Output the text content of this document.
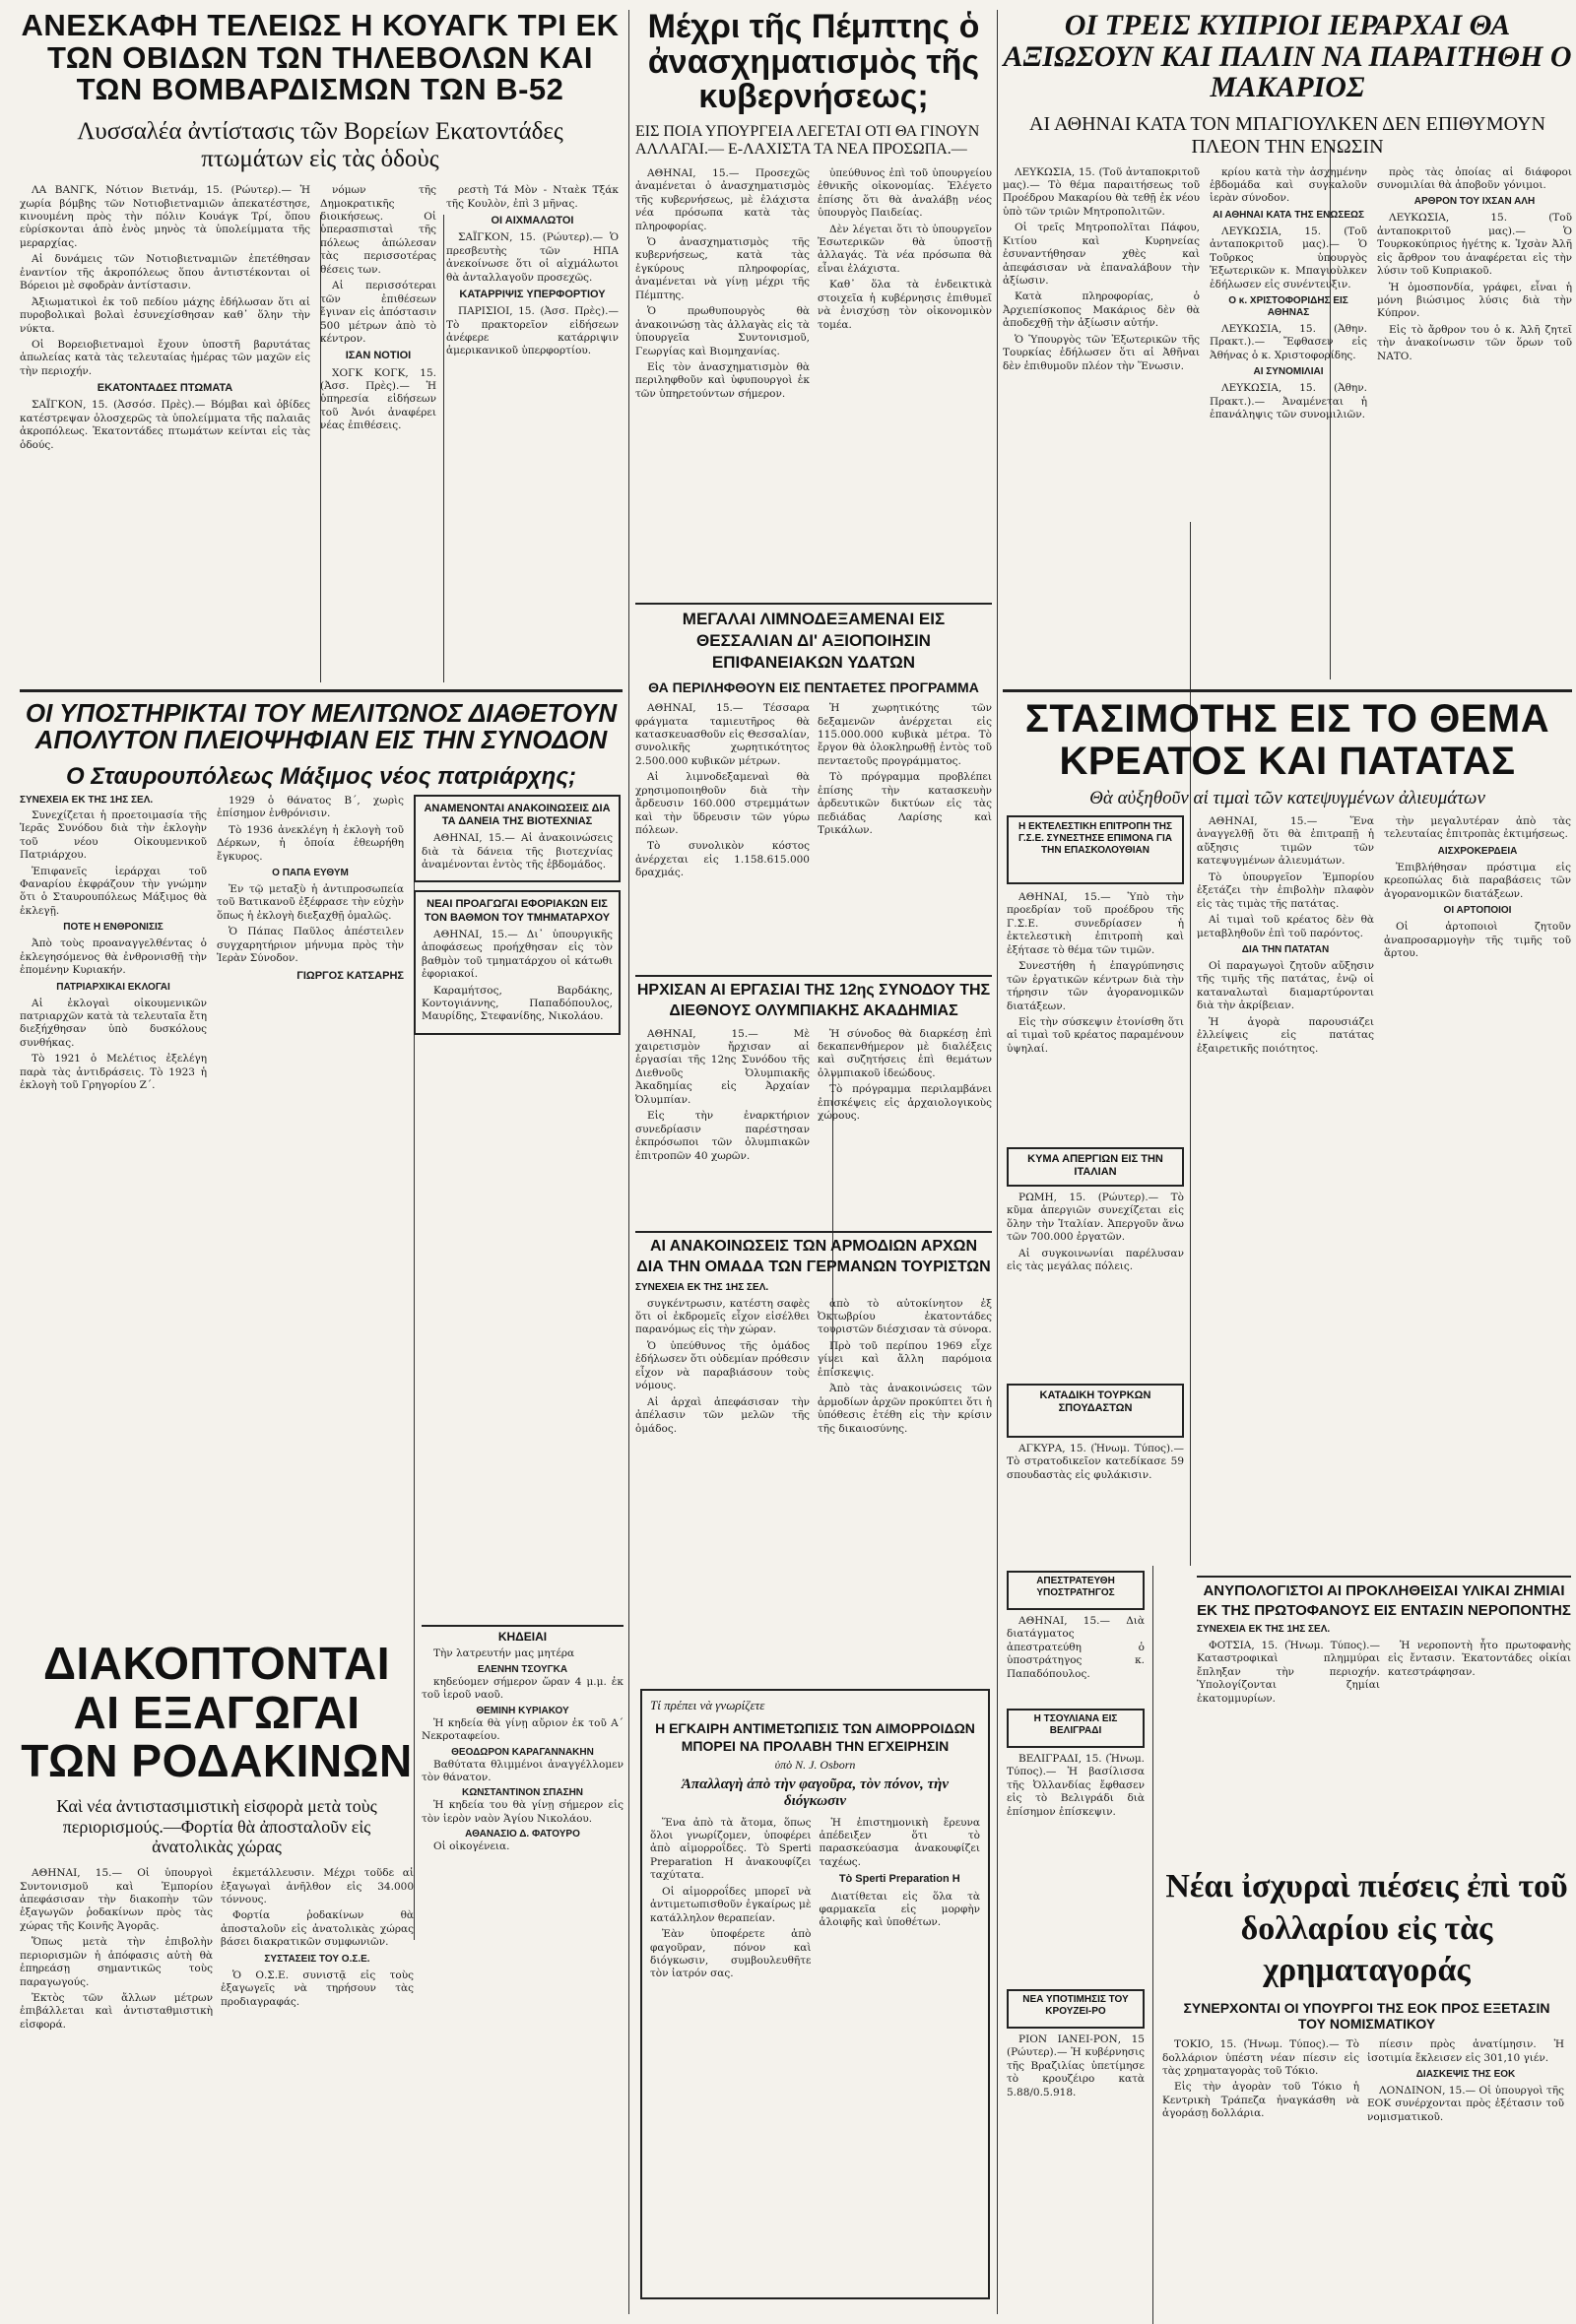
ΑΝΕΣΚΑΦΗ ΤΕΛΕΙΩΣ Η ΚΟΥΑΓΚ ΤΡΙ ΕΚ ΤΩΝ ΟΒΙΔΩΝ ΤΩΝ ΤΗΛΕΒΟΛΩΝ ΚΑΙ ΤΩΝ ΒΟΜΒΑΡΔΙΣΜΩΝ ΤΩΝ Β-52
Λυσσαλέα ἀντίστασις τῶν Βορείων Εκατοντάδες πτωμάτων εἰς τὰς ὁδοὺς

ΛΑ ΒΑΝΓΚ, Νότιον Βιετνάμ, 15. (Ρώυτερ).— Ἡ χωρία βόμβης τῶν Νοτιοβιετναμιῶν ἀπεκατέστησε, κινουμένη πρὸς τὴν πόλιν Κουάγκ Τρί, ὅπου εὑρίσκονται ἀπὸ ἑνὸς μηνὸς τὰ ὑπολείμματα τῆς μεραρχίας.

Αἱ δυνάμεις τῶν Νοτιοβιετναμιῶν ἐπετέθησαν ἐναντίον τῆς ἀκροπόλεως ὅπου ἀντιστέκονται οἱ Βόρειοι μὲ σφοδρὰν ἀντίστασιν.

Ἀξιωματικοὶ ἐκ τοῦ πεδίου μάχης ἐδήλωσαν ὅτι αἱ πυροβολικαὶ βολαὶ ἐσυνεχίσθησαν καθ᾽ ὅλην τὴν νύκτα.

Οἱ Βορειοβιετναμοὶ ἔχουν ὑποστῆ βαρυτάτας ἀπωλείας κατὰ τὰς τελευταίας ἡμέρας τῶν μαχῶν εἰς τὴν περιοχήν.

ΕΚΑΤΟΝΤΑΔΕΣ ΠΤΩΜΑΤΑ

ΣΑΪΓΚΟΝ, 15. (Ἀσσόσ. Πρὲς).— Βόμβαι καὶ ὀβίδες κατέστρεψαν ὁλοσχερῶς τὰ ὑπολείμματα τῆς παλαιᾶς ἀκροπόλεως. Ἑκατοντάδες πτωμάτων κείνται εἰς τὰς ὁδούς.

νόμων τῆς Δημοκρατικῆς διοικήσεως. Οἱ ὑπερασπισταὶ τῆς πόλεως ἀπώλεσαν τὰς περισσοτέρας θέσεις των.

Αἱ περισσότεραι τῶν ἐπιθέσεων ἔγιναν εἰς ἀπόστασιν 500 μέτρων ἀπὸ τὸ κέντρον.

ΙΣΑΝ ΝΟΤΙΟΙ

ΧΟΓΚ ΚΟΓΚ, 15. (Ἀσσ. Πρὲς).— Ἡ ὑπηρεσία εἰδήσεων τοῦ Ἀνόι ἀναφέρει νέας ἐπιθέσεις.

ρεστὴ Τά Μὸν ‑ Νταὲκ Τξάκ τῆς Κουλὸν, ἐπὶ 3 μῆνας.

ΟΙ ΑΙΧΜΑΛΩΤΟΙ

ΣΑΪΓΚΟΝ, 15. (Ρώυτερ).— Ὁ πρεσβευτὴς τῶν ΗΠΑ ἀνεκοίνωσε ὅτι οἱ αἰχμάλωτοι θὰ ἀνταλλαγοῦν προσεχῶς.

ΚΑΤΑΡΡΙΨΙΣ ΥΠΕΡΦΟΡΤΙΟΥ

ΠΑΡΙΣΙΟΙ, 15. (Ἀσσ. Πρὲς).— Τὸ πρακτορεῖον εἰδήσεων ἀνέφερε κατάρριψιν ἀμερικανικοῦ ὑπερφορτίου.

Μέχρι τῆς Πέμπτης ὁ ἀνασχηματισμὸς τῆς κυβερνήσεως;
ΕΙΣ ΠΟΙΑ ΥΠΟΥΡΓΕΙΑ ΛΕΓΕΤΑΙ ΟΤΙ ΘΑ ΓΙΝΟΥΝ ΑΛΛΑΓΑΙ.— Ε-ΛΑΧΙΣΤΑ ΤΑ ΝΕΑ ΠΡΟΣΩΠΑ.—

ΑΘΗΝΑΙ, 15.— Προσεχῶς ἀναμένεται ὁ ἀνασχηματισμὸς τῆς κυβερνήσεως, μὲ ἐλάχιστα νέα πρόσωπα κατὰ τὰς πληροφορίας.

Ὁ ἀνασχηματισμὸς τῆς κυβερνήσεως, κατὰ τὰς ἐγκύρους πληροφορίας, ἀναμένεται νὰ γίνῃ μέχρι τῆς Πέμπτης.

Ὁ πρωθυπουργὸς θὰ ἀνακοινώσῃ τὰς ἀλλαγὰς εἰς τὰ ὑπουργεῖα Συντονισμοῦ, Γεωργίας καὶ Βιομηχανίας.

Εἰς τὸν ἀνασχηματισμὸν θὰ περιληφθοῦν καὶ ὑφυπουργοὶ ἐκ τῶν ὑπηρετούντων σήμερον.

ὑπεύθυνος ἐπὶ τοῦ ὑπουργείου ἐθνικῆς οἰκονομίας. Ἐλέγετο ἐπίσης ὅτι θὰ ἀναλάβῃ νέος ὑπουργὸς Παιδείας.

Δὲν λέγεται ὅτι τὸ ὑπουργεῖον Ἐσωτερικῶν θὰ ὑποστῇ ἀλλαγάς. Τὰ νέα πρόσωπα θὰ εἶναι ἐλάχιστα.

Καθ᾽ ὅλα τὰ ἐνδεικτικὰ στοιχεῖα ἡ κυβέρνησις ἐπιθυμεῖ νὰ ἐνισχύσῃ τὸν οἰκονομικὸν τομέα.

ΟΙ ΤΡΕΙΣ ΚΥΠΡΙΟΙ ΙΕΡΑΡΧΑΙ ΘΑ ΑΞΙΩΣΟΥΝ ΚΑΙ ΠΑΛΙΝ ΝΑ ΠΑΡΑΙΤΗΘΗ Ο ΜΑΚΑΡΙΟΣ
ΑΙ ΑΘΗΝΑΙ ΚΑΤΑ ΤΟΝ ΜΠΑΓΙΟΥΛΚΕΝ ΔΕΝ ΕΠΙΘΥΜΟΥΝ ΠΛΕΟΝ ΤΗΝ ΕΝΩΣΙΝ

ΛΕΥΚΩΣΙΑ, 15. (Τοῦ ἀνταποκριτοῦ μας).— Τὸ θέμα παραιτήσεως τοῦ Προέδρου Μακαρίου θὰ τεθῇ ἐκ νέου ὑπὸ τῶν τριῶν Μητροπολιτῶν.

Οἱ τρεῖς Μητροπολῖται Πάφου, Κιτίου καὶ Κυρηνείας ἐσυναντήθησαν χθὲς καὶ ἀπεφάσισαν νὰ ἐπαναλάβουν τὴν ἀξίωσιν.

Κατὰ πληροφορίας, ὁ Ἀρχιεπίσκοπος Μακάριος δὲν θὰ ἀποδεχθῇ τὴν ἀξίωσιν αὐτήν.

Ὁ Ὑπουργὸς τῶν Ἐξωτερικῶν τῆς Τουρκίας ἐδήλωσεν ὅτι αἱ Ἀθῆναι δὲν ἐπιθυμοῦν πλέον τὴν Ἕνωσιν.

κρίου κατὰ τὴν ἀσχημένην ἑβδομάδα καὶ συγκαλοῦν ἱερὰν σύνοδον.

ΑΙ ΑΘΗΝΑΙ ΚΑΤΑ ΤΗΣ ΕΝΩΣΕΩΣ

ΛΕΥΚΩΣΙΑ, 15. (Τοῦ ἀνταποκριτοῦ μας).— Ὁ Τοῦρκος ὑπουργὸς Ἐξωτερικῶν κ. Μπαγιοὺλκεν ἐδήλωσεν εἰς συνέντευξιν.

Ο κ. ΧΡΙΣΤΟΦΟΡΙΔΗΣ ΕΙΣ ΑΘΗΝΑΣ

ΛΕΥΚΩΣΙΑ, 15. (Ἀθην. Πρακτ.).— Ἔφθασεν εἰς Ἀθήνας ὁ κ. Χριστοφορίδης.

ΑΙ ΣΥΝΟΜΙΛΙΑΙ

ΛΕΥΚΩΣΙΑ, 15. (Ἀθην. Πρακτ.).— Ἀναμένεται ἡ ἐπανάληψις τῶν συνομιλιῶν.

πρὸς τὰς ὁποίας αἱ διάφοροι συνομιλίαι θὰ ἀποβοῦν γόνιμοι.

ΑΡΘΡΟΝ ΤΟΥ ΙΧΣΑΝ ΑΛΗ

ΛΕΥΚΩΣΙΑ, 15. (Τοῦ ἀνταποκριτοῦ μας).— Ὁ Τουρκοκύπριος ἡγέτης κ. Ἰχσὰν Ἀλῆ εἰς ἄρθρον του ἀναφέρεται εἰς τὴν λύσιν τοῦ Κυπριακοῦ.

Ἡ ὁμοσπονδία, γράφει, εἶναι ἡ μόνη βιώσιμος λύσις διὰ τὴν Κύπρον.

Εἰς τὸ ἄρθρον του ὁ κ. Ἀλῆ ζητεῖ τὴν ἀνακοίνωσιν τῶν ὅρων τοῦ ΝΑΤΟ.

ΜΕΓΑΛΑΙ ΛΙΜΝΟΔΕΞΑΜΕΝΑΙ ΕΙΣ ΘΕΣΣΑΛΙΑΝ ΔΙ' ΑΞΙΟΠΟΙΗΣΙΝ ΕΠΙΦΑΝΕΙΑΚΩΝ ΥΔΑΤΩΝ
ΘΑ ΠΕΡΙΛΗΦΘΟΥΝ ΕΙΣ ΠΕΝΤΑΕΤΕΣ ΠΡΟΓΡΑΜΜΑ

ΑΘΗΝΑΙ, 15.— Τέσσαρα φράγματα ταμιευτῆρος θὰ κατασκευασθοῦν εἰς Θεσσαλίαν, συνολικῆς χωρητικότητος 2.500.000 κυβικῶν μέτρων.

Αἱ λιμνοδεξαμεναὶ θὰ χρησιμοποιηθοῦν διὰ τὴν ἄρδευσιν 160.000 στρεμμάτων καὶ τὴν ὕδρευσιν τῶν γύρω πόλεων.

Τὸ συνολικὸν κόστος ἀνέρχεται εἰς 1.158.615.000 δραχμάς.

Ἡ χωρητικότης τῶν δεξαμενῶν ἀνέρχεται εἰς 115.000.000 κυβικὰ μέτρα. Τὸ ἔργον θὰ ὁλοκληρωθῇ ἐντὸς τοῦ πενταετοῦς προγράμματος.

Τὸ πρόγραμμα προβλέπει ἐπίσης τὴν κατασκευὴν ἀρδευτικῶν δικτύων εἰς τὰς πεδιάδας Λαρίσης καὶ Τρικάλων.

ΗΡΧΙΣΑΝ ΑΙ ΕΡΓΑΣΙΑΙ ΤΗΣ 12ης ΣΥΝΟΔΟΥ ΤΗΣ ΔΙΕΘΝΟΥΣ ΟΛΥΜΠΙΑΚΗΣ ΑΚΑΔΗΜΙΑΣ

ΑΘΗΝΑΙ, 15.— Μὲ χαιρετισμὸν ἤρχισαν αἱ ἐργασίαι τῆς 12ης Συνόδου τῆς Διεθνοῦς Ὀλυμπιακῆς Ἀκαδημίας εἰς Ἀρχαίαν Ὀλυμπίαν.

Εἰς τὴν ἐναρκτήριον συνεδρίασιν παρέστησαν ἐκπρόσωποι τῶν ὀλυμπιακῶν ἐπιτροπῶν 40 χωρῶν.

Ἡ σύνοδος θὰ διαρκέσῃ ἐπὶ δεκαπενθήμερον μὲ διαλέξεις καὶ συζητήσεις ἐπὶ θεμάτων ὀλυμπιακοῦ ἰδεώδους.

Τὸ πρόγραμμα περιλαμβάνει ἐπισκέψεις εἰς ἀρχαιολογικοὺς χώρους.

ΑΙ ΑΝΑΚΟΙΝΩΣΕΙΣ ΤΩΝ ΑΡΜΟΔΙΩΝ ΑΡΧΩΝ ΔΙΑ ΤΗΝ ΟΜΑΔΑ ΤΩΝ ΓΕΡΜΑΝΩΝ ΤΟΥΡΙΣΤΩΝ
ΣΥΝΕΧΕΙΑ ΕΚ ΤΗΣ 1ΗΣ ΣΕΛ.

συγκέντρωσιν, κατέστη σαφὲς ὅτι οἱ ἐκδρομεῖς εἶχον εἰσέλθει παρανόμως εἰς τὴν χώραν.

Ὁ ὑπεύθυνος τῆς ὁμάδος ἐδήλωσεν ὅτι οὐδεμίαν πρόθεσιν εἶχον νὰ παραβιάσουν τοὺς νόμους.

Αἱ ἀρχαὶ ἀπεφάσισαν τὴν ἀπέλασιν τῶν μελῶν τῆς ὁμάδος.

ἀπὸ τὸ αὐτοκίνητον ἐξ Ὀκτωβρίου ἐκατοντάδες τουριστῶν διέσχισαν τὰ σύνορα.

Πρὸ τοῦ περίπου 1969 εἶχε γίνει καὶ ἄλλη παρόμοια ἐπίσκεψις.

Ἀπὸ τὰς ἀνακοινώσεις τῶν ἁρμοδίων ἀρχῶν προκύπτει ὅτι ἡ ὑπόθεσις ἐτέθη εἰς τὴν κρίσιν τῆς δικαιοσύνης.

ΟΙ ΥΠΟΣΤΗΡΙΚΤΑΙ ΤΟΥ ΜΕΛΙΤΩΝΟΣ ΔΙΑΘΕΤΟΥΝ ΑΠΟΛΥΤΟΝ ΠΛΕΙΟΨΗΦΙΑΝ ΕΙΣ ΤΗΝ ΣΥΝΟΔΟΝ
Ο Σταυρουπόλεως Μάξιμος νέος πατριάρχης;
ΣΥΝΕΧΕΙΑ ΕΚ ΤΗΣ 1ΗΣ ΣΕΛ.

Συνεχίζεται ἡ προετοιμασία τῆς Ἱερᾶς Συνόδου διὰ τὴν ἐκλογὴν τοῦ νέου Οἰκουμενικοῦ Πατριάρχου.

Ἐπιφανεῖς ἱεράρχαι τοῦ Φαναρίου ἐκφράζουν τὴν γνώμην ὅτι ὁ Σταυρουπόλεως Μάξιμος θὰ ἐκλεγῇ.

ΠΟΤΕ Η ΕΝΘΡΟΝΙΣΙΣ

Ἀπὸ τοὺς προαναγγελθέντας ὁ ἐκλεγησόμενος θὰ ἐνθρονισθῇ τὴν ἐπομένην Κυριακήν.

ΠΑΤΡΙΑΡΧΙΚΑΙ ΕΚΛΟΓΑΙ

Αἱ ἐκλογαὶ οἰκουμενικῶν πατριαρχῶν κατὰ τὰ τελευταῖα ἔτη διεξήχθησαν ὑπὸ δυσκόλους συνθήκας.

Τὸ 1921 ὁ Μελέτιος ἐξελέγη παρὰ τὰς ἀντιδράσεις. Τὸ 1923 ἡ ἐκλογὴ τοῦ Γρηγορίου Ζ´.

1929 ὁ θάνατος Β´, χωρὶς ἐπίσημον ἐνθρόνισιν.

Τὸ 1936 ἀνεκλέγη ἡ ἐκλογὴ τοῦ Δέρκων, ἡ ὁποία ἐθεωρήθη ἔγκυρος.

Ο ΠΑΠΑ ΕΥΘΥΜ

Ἐν τῷ μεταξὺ ἡ ἀντιπροσωπεία τοῦ Βατικανοῦ ἐξέφρασε τὴν εὐχὴν ὅπως ἡ ἐκλογὴ διεξαχθῇ ὁμαλῶς.

Ὁ Πάπας Παῦλος ἀπέστειλεν συγχαρητήριον μήνυμα πρὸς τὴν Ἱερὰν Σύνοδον.

ΓΙΩΡΓΟΣ ΚΑΤΣΑΡΗΣ
ΑΝΑΜΕΝΟΝΤΑΙ ΑΝΑΚΟΙΝΩΣΕΙΣ ΔΙΑ ΤΑ ΔΑΝΕΙΑ ΤΗΣ ΒΙΟΤΕΧΝΙΑΣ

ΑΘΗΝΑΙ, 15.— Αἱ ἀνακοινώσεις διὰ τὰ δάνεια τῆς βιοτεχνίας ἀναμένονται ἐντὸς τῆς ἑβδομάδος.

ΝΕΑΙ ΠΡΟΑΓΩΓΑΙ ΕΦΟΡΙΑΚΩΝ ΕΙΣ ΤΟΝ ΒΑΘΜΟΝ ΤΟΥ ΤΜΗΜΑΤΑΡΧΟΥ

ΑΘΗΝΑΙ, 15.— Δι᾽ ὑπουργικῆς ἀποφάσεως προήχθησαν εἰς τὸν βαθμὸν τοῦ τμηματάρχου οἱ κάτωθι ἐφοριακοί.

Καραμήτσος, Βαρδάκης, Κοντογιάννης, Παπαδόπουλος, Μαυρίδης, Στεφανίδης, Νικολάου.

ΚΗΔΕΙΑΙ

Τὴν λατρευτήν μας μητέρα

ΕΛΕΝΗΝ ΤΣΟΥΓΚΑ

κηδεύομεν σήμερον ὥραν 4 μ.μ. ἐκ τοῦ ἱεροῦ ναοῦ.

ΘΕΜΙΝΗ ΚΥΡΙΑΚΟΥ

Ἡ κηδεία θὰ γίνῃ αὔριον ἐκ τοῦ Α´ Νεκροταφείου.

ΘΕΟΔΩΡΟΝ ΚΑΡΑΓΑΝΝΑΚΗΝ

Βαθύτατα θλιμμένοι ἀναγγέλλομεν τὸν θάνατον.

ΚΩΝΣΤΑΝΤΙΝΟΝ ΣΠΑΣΗΝ

Ἡ κηδεία του θὰ γίνῃ σήμερον εἰς τὸν ἱερὸν ναὸν Ἁγίου Νικολάου.

ΑΘΑΝΑΣΙΟ Δ. ΦΑΤΟΥΡΟ

Οἱ οἰκογένεια.

ΔΙΑΚΟΠΤΟΝΤΑΙ ΑΙ ΕΞΑΓΩΓΑΙ ΤΩΝ ΡΟΔΑΚΙΝΩΝ
Καὶ νέα ἀντιστασιμιστικὴ εἰσφορὰ μετὰ τοὺς περιορισμούς.—Φορτία θὰ ἀποσταλοῦν εἰς ἀνατολικὰς χώρας

ΑΘΗΝΑΙ, 15.— Οἱ ὑπουργοὶ Συντονισμοῦ καὶ Ἐμπορίου ἀπεφάσισαν τὴν διακοπὴν τῶν ἐξαγωγῶν ῥοδακίνων πρὸς τὰς χώρας τῆς Κοινῆς Ἀγορᾶς.

Ὅπως μετὰ τὴν ἐπιβολὴν περιορισμῶν ἡ ἀπόφασις αὐτὴ θὰ ἐπηρεάσῃ σημαντικῶς τοὺς παραγωγούς.

Ἐκτὸς τῶν ἄλλων μέτρων ἐπιβάλλεται καὶ ἀντισταθμιστικὴ εἰσφορά.

ἐκμετάλλευσιν. Μέχρι τοῦδε αἱ ἐξαγωγαὶ ἀνῆλθον εἰς 34.000 τόννους.

Φορτία ῥοδακίνων θὰ ἀποσταλοῦν εἰς ἀνατολικὰς χώρας βάσει διακρατικῶν συμφωνιῶν.

ΣΥΣΤΑΣΕΙΣ ΤΟΥ Ο.Σ.Ε.

Ὁ Ο.Σ.Ε. συνιστᾷ εἰς τοὺς ἐξαγωγεῖς νὰ τηρήσουν τὰς προδιαγραφάς.

Τί πρέπει νὰ γνωρίζετε
Η ΕΓΚΑΙΡΗ ΑΝΤΙΜΕΤΩΠΙΣΙΣ ΤΩΝ ΑΙΜΟΡΡΟΙΔΩΝ ΜΠΟΡΕΙ ΝΑ ΠΡΟΛΑΒΗ ΤΗΝ ΕΓΧΕΙΡΗΣΙΝ
ὑπὸ N. J. Osborn
Ἀπαλλαγὴ ἀπὸ τὴν φαγοῦρα, τὸν πόνον, τὴν διόγκωσιν

Ἕνα ἀπὸ τὰ ἄτομα, ὅπως ὅλοι γνωρίζομεν, ὑποφέρει ἀπὸ αἱμορροΐδες. Τὸ Sperti Preparation H ἀνακουφίζει ταχύτατα.

Οἱ αἱμορροΐδες μπορεῖ νὰ ἀντιμετωπισθοῦν ἐγκαίρως μὲ κατάλληλον θεραπείαν.

Ἐὰν ὑποφέρετε ἀπὸ φαγοῦραν, πόνον καὶ διόγκωσιν, συμβουλευθῆτε τὸν ἰατρόν σας.

Ἡ ἐπιστημονικὴ ἔρευνα ἀπέδειξεν ὅτι τὸ παρασκεύασμα ἀνακουφίζει ταχέως.

Τὸ Sperti Preparation H

Διατίθεται εἰς ὅλα τὰ φαρμακεῖα εἰς μορφὴν ἀλοιφῆς καὶ ὑποθέτων.

ΣΤΑΣΙΜΟΤΗΣ ΕΙΣ ΤΟ ΘΕΜΑ ΚΡΕΑΤΟΣ ΚΑΙ ΠΑΤΑΤΑΣ
Θὰ αὐξηθοῦν αἱ τιμαὶ τῶν κατεψυγμένων ἀλιευμάτων
Η ΕΚΤΕΛΕΣΤΙΚΗ ΕΠΙΤΡΟΠΗ ΤΗΣ Γ.Σ.Ε. ΣΥΝΕΣΤΗΣΕ ΕΠΙΜΟΝΑ ΓΙΑ ΤΗΝ ΕΠΑΣΚΟΛΟΥΘΙΑΝ

ΑΘΗΝΑΙ, 15.— Ὑπὸ τὴν προεδρίαν τοῦ προέδρου τῆς Γ.Σ.Ε. συνεδρίασεν ἡ ἐκτελεστικὴ ἐπιτροπὴ καὶ ἐξήτασε τὸ θέμα τῶν τιμῶν.

Συνεστήθη ἡ ἐπαγρύπνησις τῶν ἐργατικῶν κέντρων διὰ τὴν τήρησιν τῶν ἀγορανομικῶν διατάξεων.

Εἰς τὴν σύσκεψιν ἐτονίσθη ὅτι αἱ τιμαὶ τοῦ κρέατος παραμένουν ὑψηλαί.

ΑΘΗΝΑΙ, 15.— Ἕνα ἀναγγελθῇ ὅτι θὰ ἐπιτραπῇ ἡ αὔξησις τιμῶν τῶν κατεψυγμένων ἀλιευμάτων.

Τὸ ὑπουργεῖον Ἐμπορίου ἐξετάζει τὴν ἐπιβολὴν πλαφὸν εἰς τὰς τιμὰς τῆς πατάτας.

Αἱ τιμαὶ τοῦ κρέατος δὲν θὰ μεταβληθοῦν ἐπὶ τοῦ παρόντος.

ΔΙΑ ΤΗΝ ΠΑΤΑΤΑΝ

Οἱ παραγωγοὶ ζητοῦν αὔξησιν τῆς τιμῆς τῆς πατάτας, ἐνῷ οἱ καταναλωταὶ διαμαρτύρονται διὰ τὴν ἀκρίβειαν.

Ἡ ἀγορὰ παρουσιάζει ἐλλείψεις εἰς πατάτας ἐξαιρετικῆς ποιότητος.

τὴν μεγαλυτέραν ἀπὸ τὰς τελευταίας ἐπιτροπὰς ἐκτιμήσεως.

ΑΙΣΧΡΟΚΕΡΔΕΙΑ

Ἐπιβλήθησαν πρόστιμα εἰς κρεοπώλας διὰ παραβάσεις τῶν ἀγορανομικῶν διατάξεων.

ΟΙ ΑΡΤΟΠΟΙΟΙ

Οἱ ἀρτοποιοὶ ζητοῦν ἀναπροσαρμογὴν τῆς τιμῆς τοῦ ἄρτου.

ΚΥΜΑ ΑΠΕΡΓΙΩΝ ΕΙΣ ΤΗΝ ΙΤΑΛΙΑΝ

ΡΩΜΗ, 15. (Ρώυτερ).— Τὸ κῦμα ἀπεργιῶν συνεχίζεται εἰς ὅλην τὴν Ἰταλίαν. Ἀπεργοῦν ἄνω τῶν 700.000 ἐργατῶν.

Αἱ συγκοινωνίαι παρέλυσαν εἰς τὰς μεγάλας πόλεις.

ΚΑΤΑΔΙΚΗ ΤΟΥΡΚΩΝ ΣΠΟΥΔΑΣΤΩΝ

ΑΓΚΥΡΑ, 15. (Ἡνωμ. Τύπος).— Τὸ στρατοδικεῖον κατεδίκασε 59 σπουδαστὰς εἰς φυλάκισιν.

ΑΠΕΣΤΡΑΤΕΥΘΗ ΥΠΟΣΤΡΑΤΗΓΟΣ

ΑΘΗΝΑΙ, 15.— Διὰ διατάγματος ἀπεστρατεύθη ὁ ὑποστράτηγος κ. Παπαδόπουλος.

Η ΤΣΟΥΛΙΑΝΑ ΕΙΣ ΒΕΛΙΓΡΑΔΙ

ΒΕΛΙΓΡΑΔΙ, 15. (Ἡνωμ. Τύπος).— Ἡ βασίλισσα τῆς Ὀλλανδίας ἔφθασεν εἰς τὸ Βελιγράδι διὰ ἐπίσημον ἐπίσκεψιν.

ΝΕΑ ΥΠΟΤΙΜΗΣΙΣ ΤΟΥ ΚΡΟΥΖΕΙ-ΡΟ

ΡΙΟΝ ΙΑΝΕΙ-ΡΟΝ, 15 (Ρώυτερ).— Ἡ κυβέρνησις τῆς Βραζιλίας ὑπετίμησε τὸ κρουζέιρο κατὰ 5.88/0.5.918.

ΑΝΥΠΟΛΟΓΙΣΤΟΙ ΑΙ ΠΡΟΚΛΗΘΕΙΣΑΙ ΥΛΙΚΑΙ ΖΗΜΙΑΙ ΕΚ ΤΗΣ ΠΡΩΤΟΦΑΝΟΥΣ ΕΙΣ ΕΝΤΑΣΙΝ ΝΕΡΟΠΟΝΤΗΣ
ΣΥΝΕΧΕΙΑ ΕΚ ΤΗΣ 1ΗΣ ΣΕΛ.

ΦΟΤΣΙΑ, 15. (Ἡνωμ. Τύπος).— Καταστροφικαὶ πλημμύραι ἔπληξαν τὴν περιοχήν. Ὑπολογίζονται ζημίαι ἐκατομμυρίων.

Ἡ νεροποντὴ ἦτο πρωτοφανὴς εἰς ἔντασιν. Ἑκατοντάδες οἰκίαι κατεστράφησαν.

Νέαι ἰσχυραὶ πιέσεις ἐπὶ τοῦ δολλαρίου εἰς τὰς χρηματαγοράς
ΣΥΝΕΡΧΟΝΤΑΙ ΟΙ ΥΠΟΥΡΓΟΙ ΤΗΣ ΕΟΚ ΠΡΟΣ ΕΞΕΤΑΣΙΝ ΤΟΥ ΝΟΜΙΣΜΑΤΙΚΟΥ

ΤΟΚΙΟ, 15. (Ἡνωμ. Τύπος).— Τὸ δολλάριον ὑπέστη νέαν πίεσιν εἰς τὰς χρηματαγορὰς τοῦ Τόκιο.

Εἰς τὴν ἀγορὰν τοῦ Τόκιο ἡ Κεντρικὴ Τράπεζα ἠναγκάσθη νὰ ἀγοράσῃ δολλάρια.

πίεσιν πρὸς ἀνατίμησιν. Ἡ ἰσοτιμία ἔκλεισεν εἰς 301,10 γιέν.

ΔΙΑΣΚΕΨΙΣ ΤΗΣ ΕΟΚ

ΛΟΝΔΙΝΟΝ, 15.— Οἱ ὑπουργοὶ τῆς ΕΟΚ συνέρχονται πρὸς ἐξέτασιν τοῦ νομισματικοῦ.
